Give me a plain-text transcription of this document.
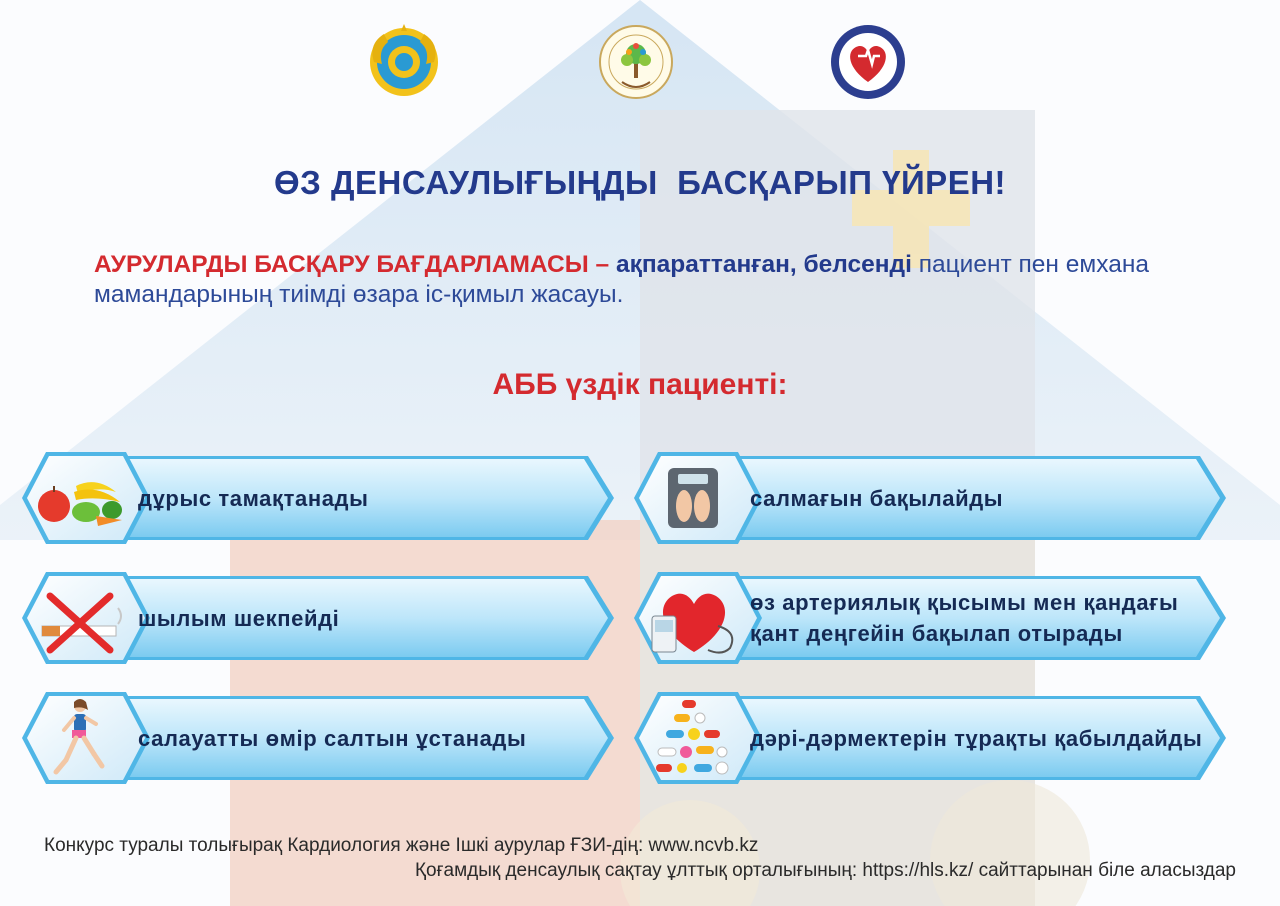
ӨЗ ДЕНСАУЛЫҒЫҢДЫ  БАСҚАРЫП ҮЙРЕН!
АУРУЛАРДЫ БАСҚАРУ БАҒДАРЛАМАСЫ – ақпараттанған, белсенді пациент пен емхана мамандарының тиімді өзара іс-қимыл жасауы.
АББ үздік пациенті:
дұрыс тамақтанады	салмағын бақылайды
шылым шекпейді
өз артериялық қысымы мен қандағы қант деңгейін бақылап отырады
салауатты өмір салтын ұстанады	дәрі-дәрмектерін тұрақты қабылдайды
Конкурс туралы толығырақ Кардиология және Ішкі аурулар ҒЗИ-дің: www.ncvb.kz
Қоғамдық денсаулық сақтау ұлттық орталығының: https://hls.kz/ сайттарынан біле аласыздар
